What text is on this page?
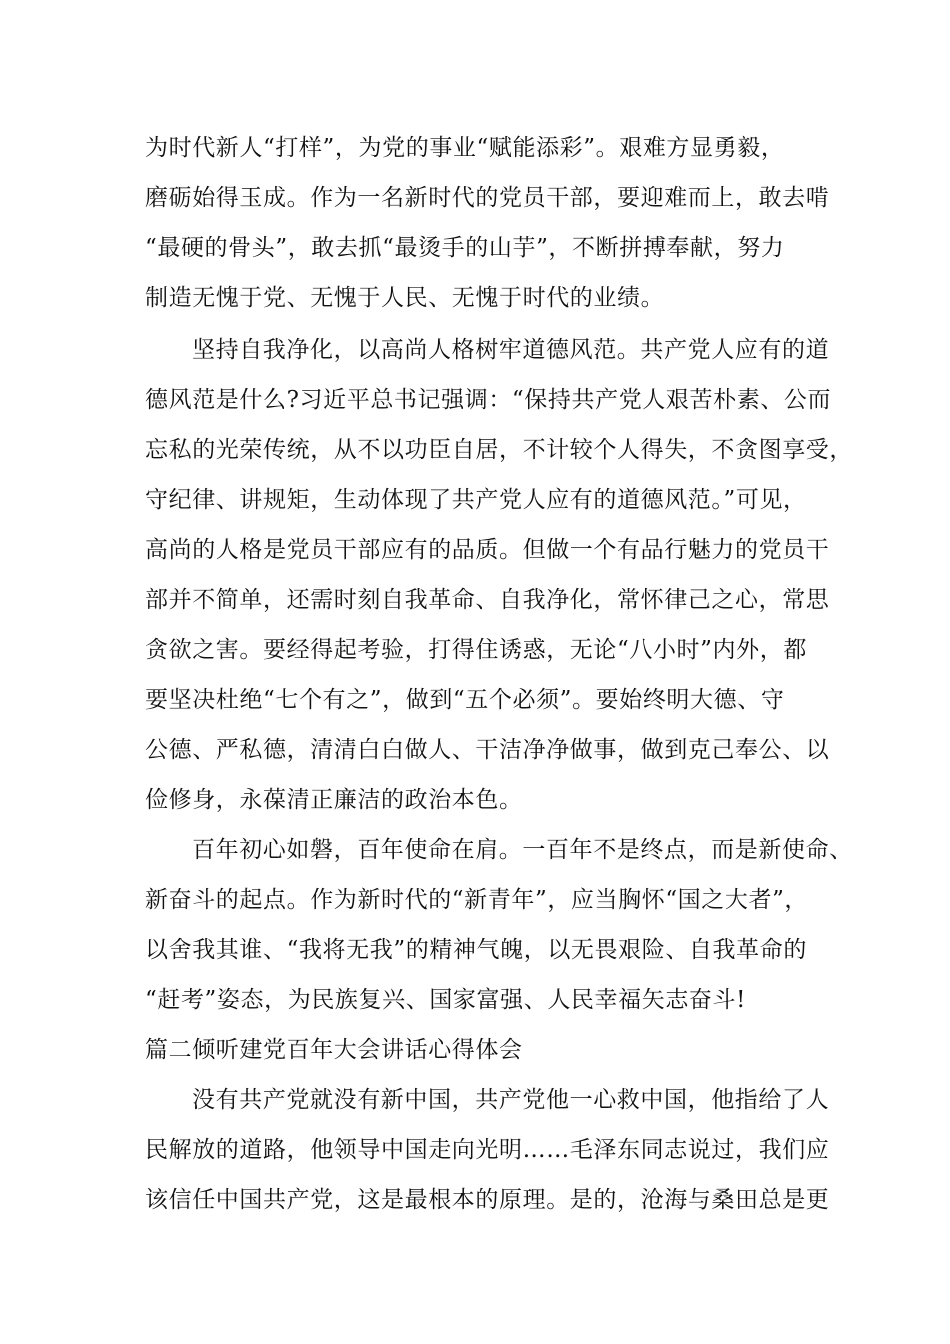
为时代新人“打样”，为党的事业“赋能添彩”。艰难方显勇毅，
磨砺始得玉成。作为一名新时代的党员干部，要迎难而上，敢去啃
“最硬的骨头”，敢去抓“最烫手的山芋”，不断拼搏奉献，努力
制造无愧于党、无愧于人民、无愧于时代的业绩。
坚持自我净化，以高尚人格树牢道德风范。共产党人应有的道
德风范是什么?习近平总书记强调：“保持共产党人艰苦朴素、公而
忘私的光荣传统，从不以功臣自居，不计较个人得失，不贪图享受，
守纪律、讲规矩，生动体现了共产党人应有的道德风范。”可见，
高尚的人格是党员干部应有的品质。但做一个有品行魅力的党员干
部并不简单，还需时刻自我革命、自我净化，常怀律己之心，常思
贪欲之害。要经得起考验，打得住诱惑，无论“八小时”内外，都
要坚决杜绝“七个有之”，做到“五个必须”。要始终明大德、守
公德、严私德，清清白白做人、干洁净净做事，做到克己奉公、以
俭修身，永葆清正廉洁的政治本色。
百年初心如磐，百年使命在肩。一百年不是终点，而是新使命、
新奋斗的起点。作为新时代的“新青年”，应当胸怀“国之大者”，
以舍我其谁、“我将无我”的精神气魄，以无畏艰险、自我革命的
“赶考”姿态，为民族复兴、国家富强、人民幸福矢志奋斗!
篇二倾听建党百年大会讲话心得体会
没有共产党就没有新中国，共产党他一心救中国，他指给了人
民解放的道路，他领导中国走向光明……毛泽东同志说过，我们应
该信任中国共产党，这是最根本的原理。是的，沧海与桑田总是更
